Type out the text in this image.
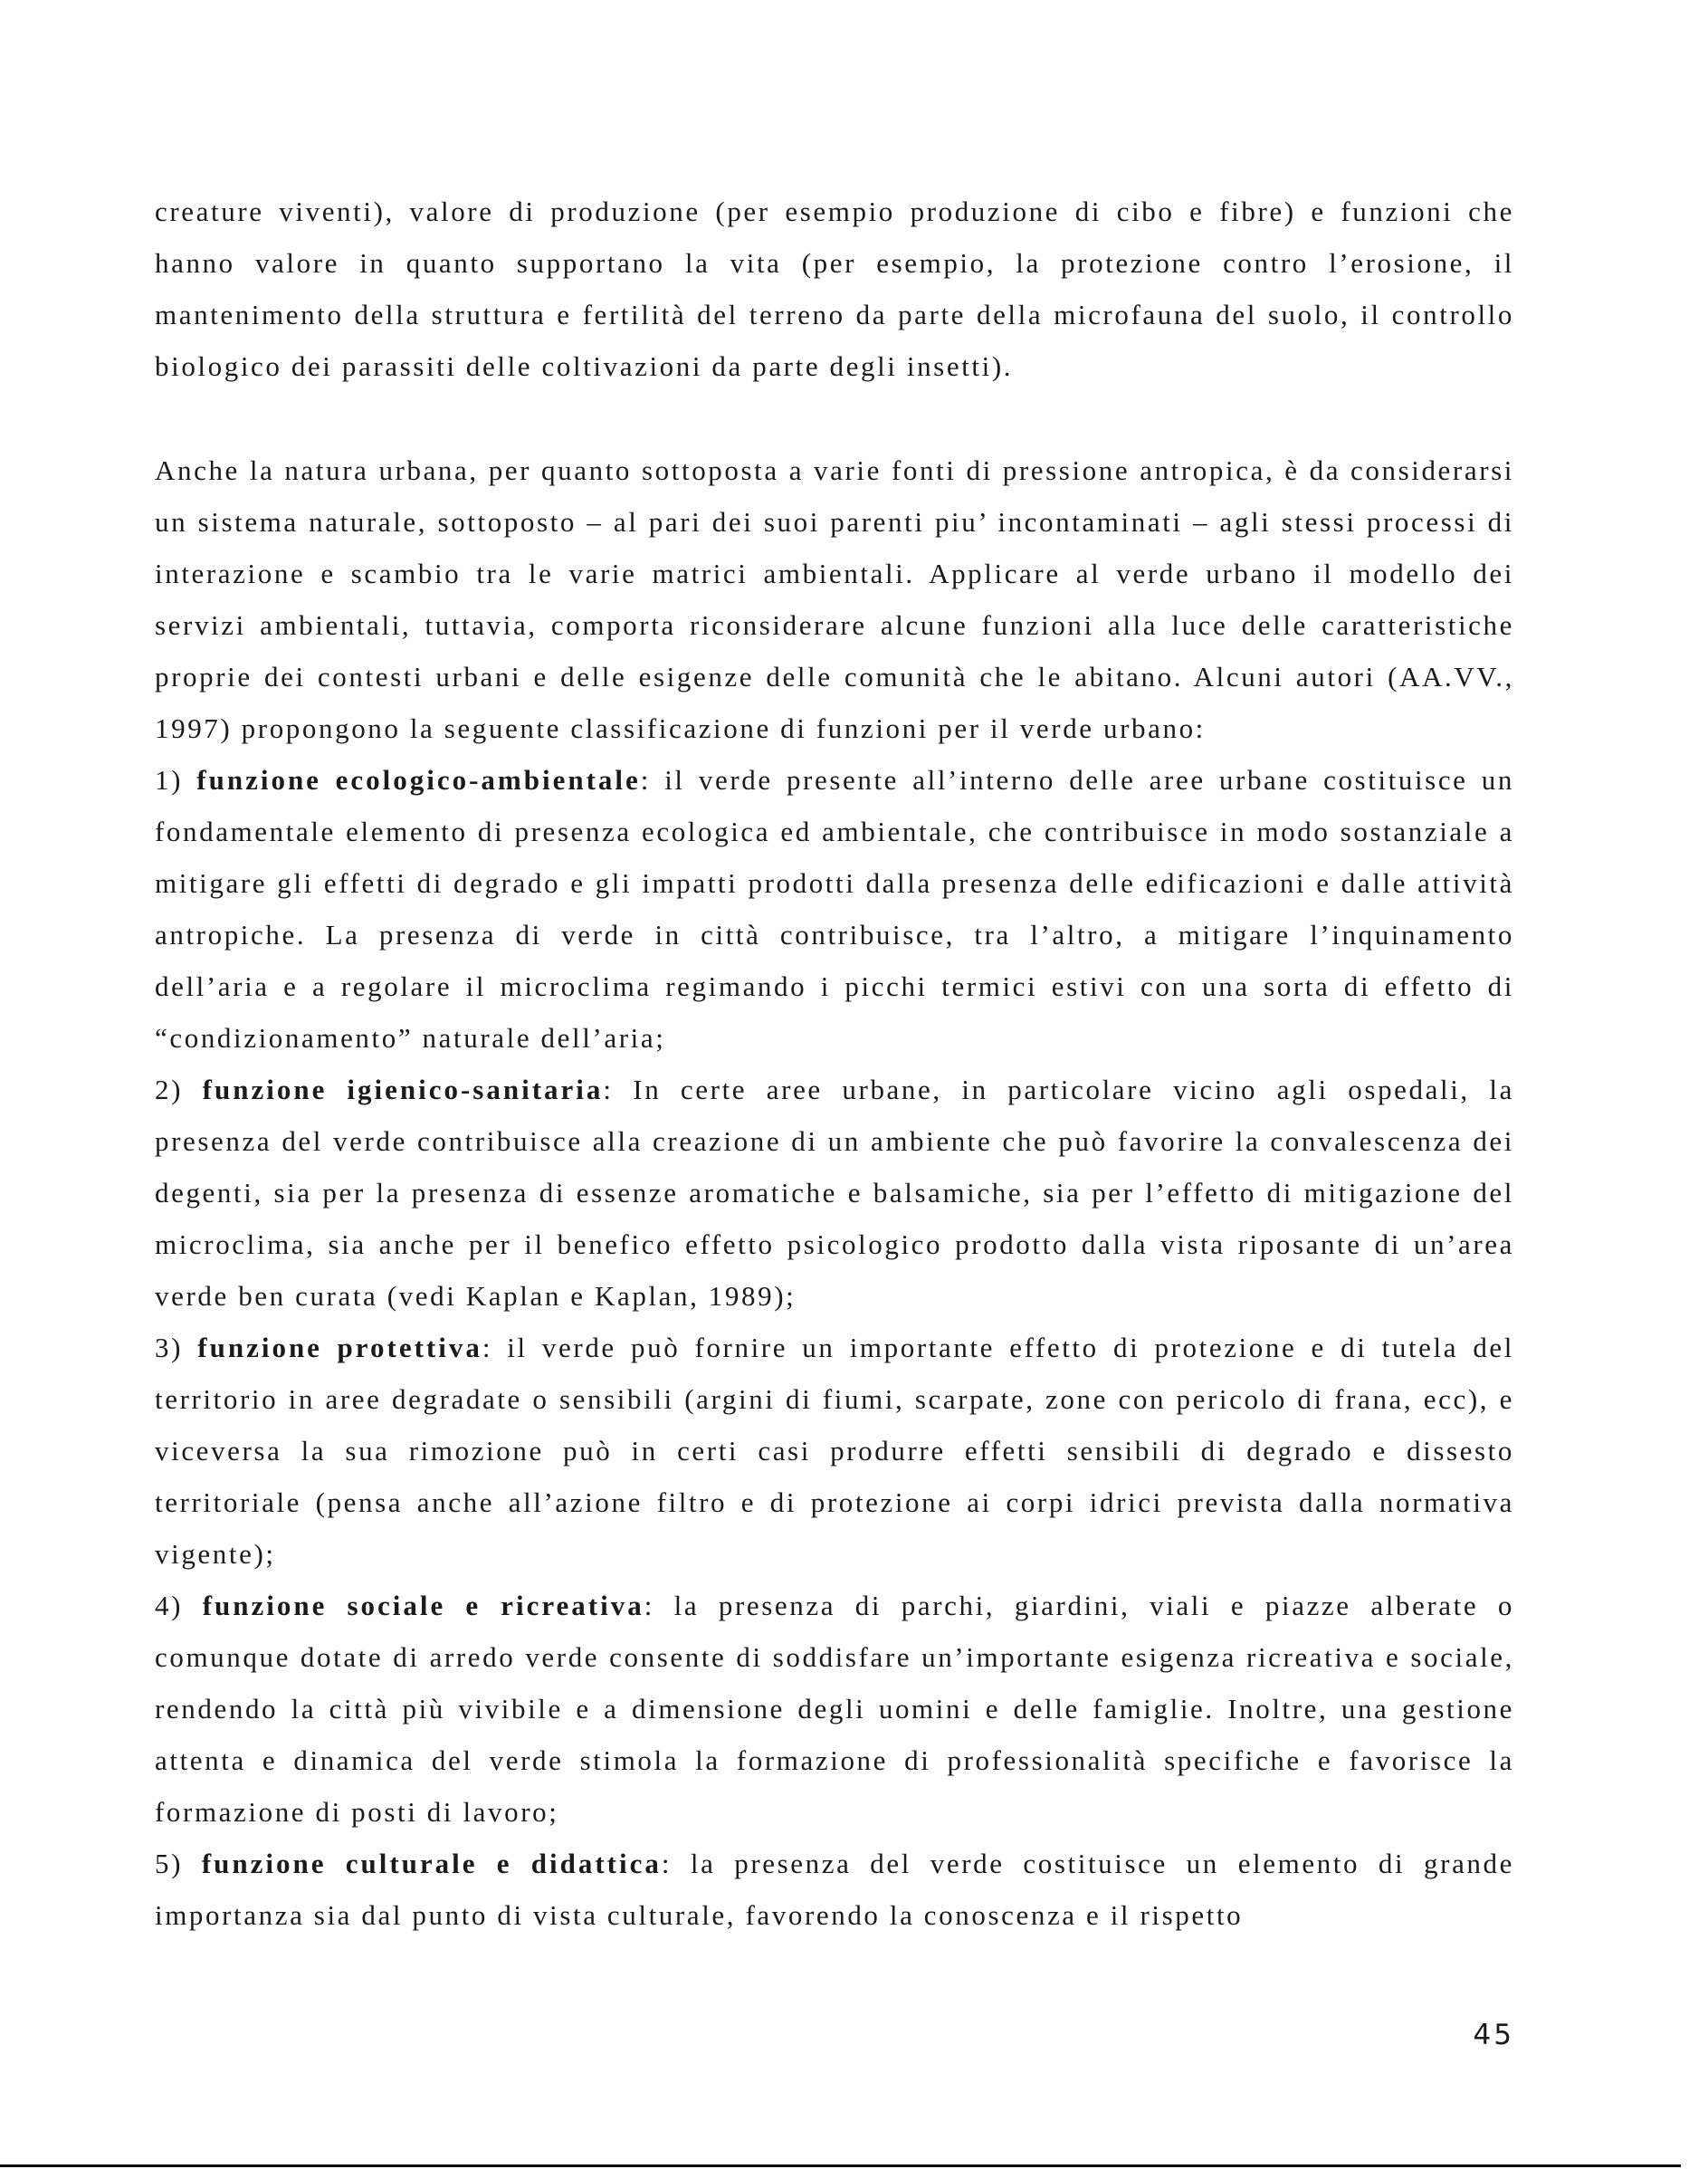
creature viventi), valore di produzione (per esempio produzione di cibo e fibre) e funzioni che hanno valore in quanto supportano la vita (per esempio, la protezione contro l’erosione, il mantenimento della struttura e fertilità del terreno da parte della microfauna del suolo, il controllo biologico dei parassiti delle coltivazioni da parte degli insetti).

Anche la natura urbana, per quanto sottoposta a varie fonti di pressione antropica, è da considerarsi un sistema naturale, sottoposto – al pari dei suoi parenti piu’ incontaminati – agli stessi processi di interazione e scambio tra le varie matrici ambientali. Applicare al verde urbano il modello dei servizi ambientali, tuttavia, comporta riconsiderare alcune funzioni alla luce delle caratteristiche proprie dei contesti urbani e delle esigenze delle comunità che le abitano. Alcuni autori (AA.VV., 1997) propongono la seguente classificazione di funzioni per il verde urbano:

1) funzione ecologico-ambientale: il verde presente all’interno delle aree urbane costituisce un fondamentale elemento di presenza ecologica ed ambientale, che contribuisce in modo sostanziale a mitigare gli effetti di degrado e gli impatti prodotti dalla presenza delle edificazioni e dalle attività antropiche. La presenza di verde in città contribuisce, tra l’altro, a mitigare l’inquinamento dell’aria e a regolare il microclima regimando i picchi termici estivi con una sorta di effetto di “condizionamento” naturale dell’aria;

2) funzione igienico-sanitaria: In certe aree urbane, in particolare vicino agli ospedali, la presenza del verde contribuisce alla creazione di un ambiente che può favorire la convalescenza dei degenti, sia per la presenza di essenze aromatiche e balsamiche, sia per l’effetto di mitigazione del microclima, sia anche per il benefico effetto psicologico prodotto dalla vista riposante di un’area verde ben curata (vedi Kaplan e Kaplan, 1989);

3) funzione protettiva: il verde può fornire un importante effetto di protezione e di tutela del territorio in aree degradate o sensibili (argini di fiumi, scarpate, zone con pericolo di frana, ecc), e viceversa la sua rimozione può in certi casi produrre effetti sensibili di degrado e dissesto territoriale (pensa anche all’azione filtro e di protezione ai corpi idrici prevista dalla normativa vigente);

4) funzione sociale e ricreativa: la presenza di parchi, giardini, viali e piazze alberate o comunque dotate di arredo verde consente di soddisfare un’importante esigenza ricreativa e sociale, rendendo la città più vivibile e a dimensione degli uomini e delle famiglie. Inoltre, una gestione attenta e dinamica del verde stimola la formazione di professionalità specifiche e favorisce la formazione di posti di lavoro;

5) funzione culturale e didattica: la presenza del verde costituisce un elemento di grande importanza sia dal punto di vista culturale, favorendo la conoscenza e il rispetto

45
